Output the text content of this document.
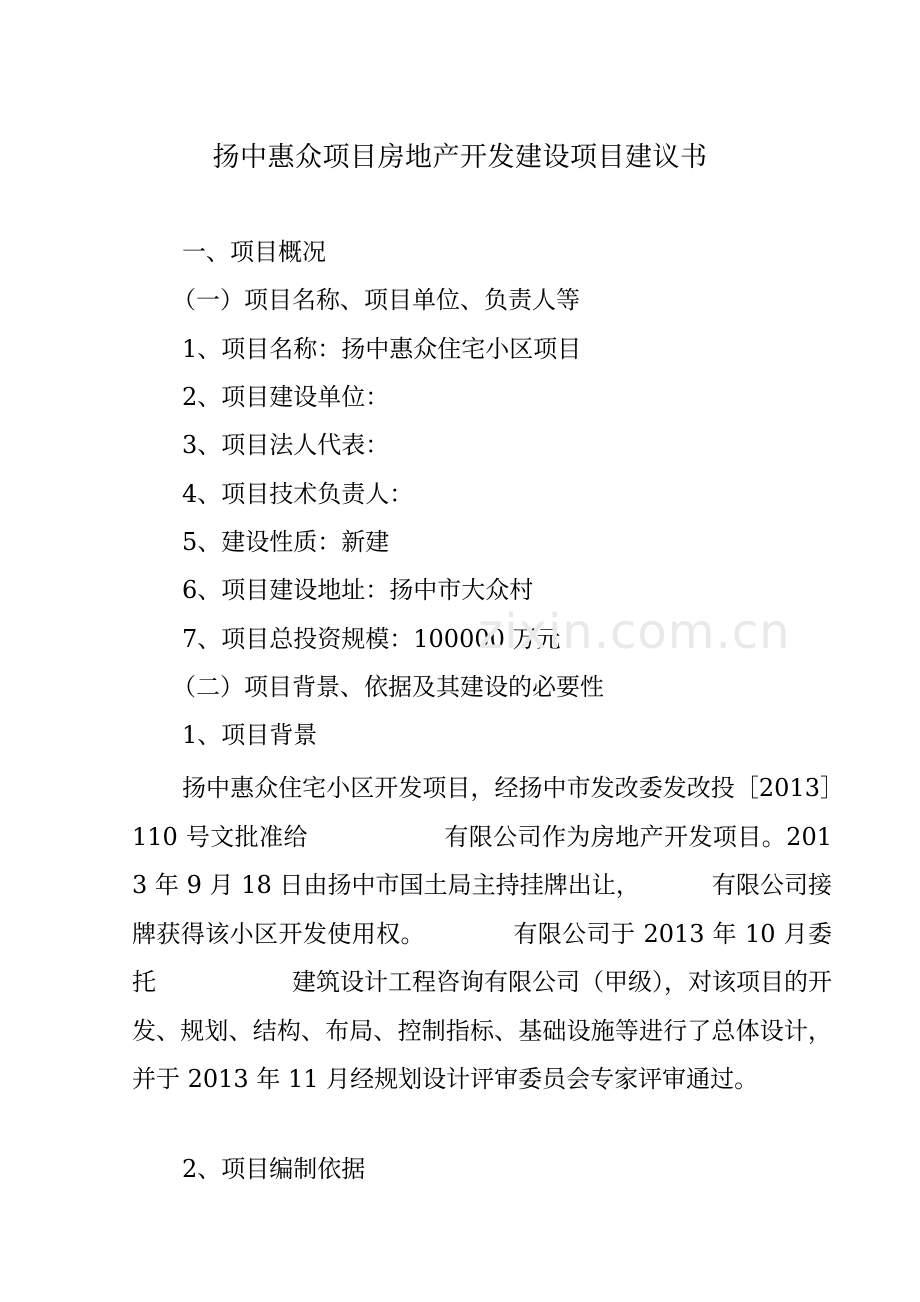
扬中惠众项目房地产开发建设项目建议书
一、项目概况
（一）项目名称、项目单位、负责人等
1、项目名称：扬中惠众住宅小区项目
2、项目建设单位：
3、项目法人代表：
4、项目技术负责人：
5、建设性质：新建
6、项目建设地址：扬中市大众村
7、项目总投资规模：100000 万元
（二）项目背景、依据及其建设的必要性
1、项目背景
扬中惠众住宅小区开发项目，经扬中市发改委发改投［2013］110 号文批准给	有限公司作为房地产开发项目。2013 年 9 月 18 日由扬中市国土局主持挂牌出让，	有限公司接牌获得该小区开发使用权。	有限公司于 2013 年 10 月委托	建筑设计工程咨询有限公司（甲级），对该项目的开发、规划、结构、布局、控制指标、基础设施等进行了总体设计，并于 2013 年 11 月经规划设计评审委员会专家评审通过。
2、项目编制依据
zixin.com.cn
